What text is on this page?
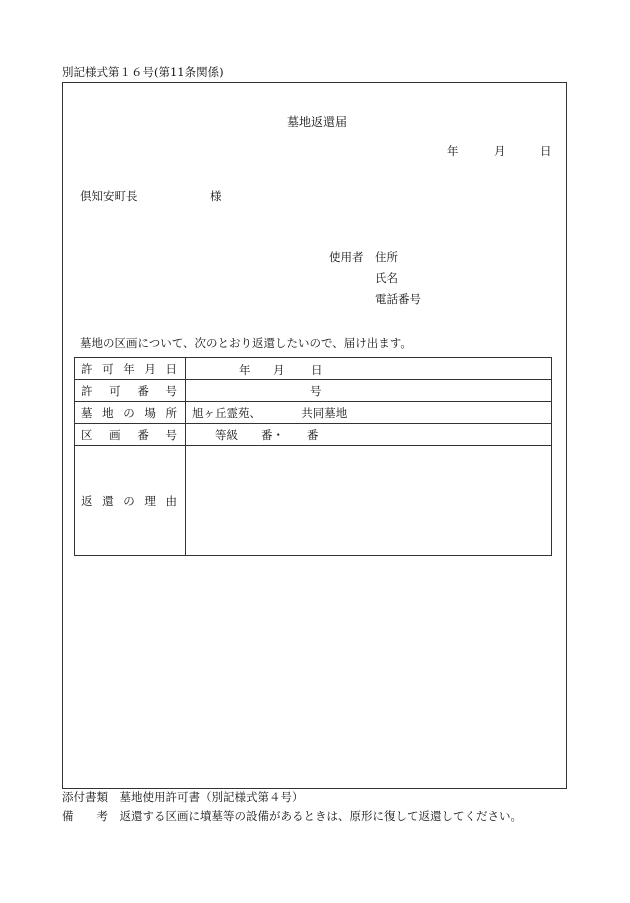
別記様式第１６号(第11条関係)
墓地返還届
年	月	日
倶知安町長	様
使用者 住所
氏名
電話番号
墓地の区画について、次のとおり返還したいので、届け出ます。
許 可 年 月 日	年 月 日

許 可 番 号	号

墓 地 の 場 所	旭ヶ丘霊苑、　　　　共同墓地

区 画 番 号	　　等級　　番・　　番

返 還 の 理 由	

添付書類　墓地使用許可書（別記様式第４号）
備　　考　返還する区画に墳墓等の設備があるときは、原形に復して返還してください。
